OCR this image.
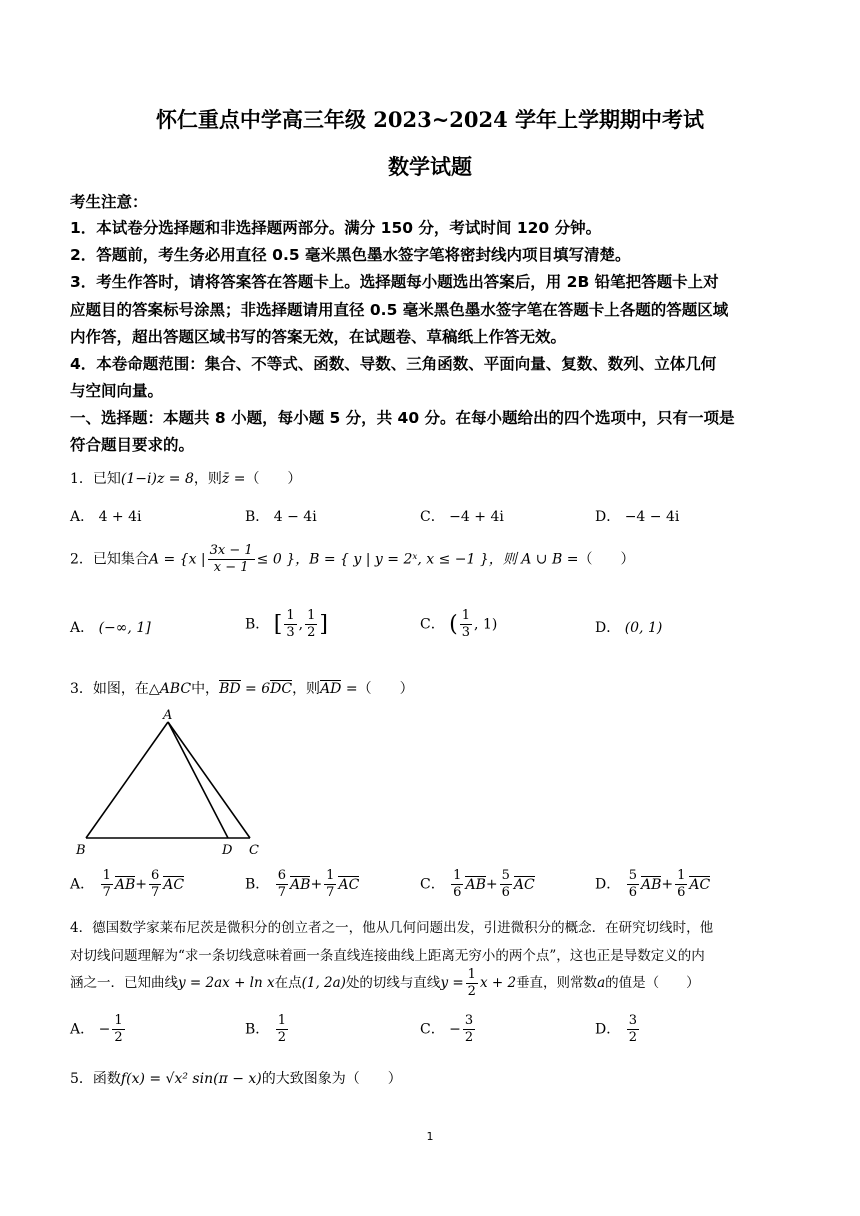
怀仁重点中学高三年级 2023~2024 学年上学期期中考试
数学试题
考生注意：
1．本试卷分选择题和非选择题两部分。满分 150 分，考试时间 120 分钟。
2．答题前，考生务必用直径 0.5 毫米黑色墨水签字笔将密封线内项目填写清楚。
3．考生作答时，请将答案答在答题卡上。选择题每小题选出答案后，用 2B 铅笔把答题卡上对
应题目的答案标号涂黑；非选择题请用直径 0.5 毫米黑色墨水签字笔在答题卡上各题的答题区域
内作答，超出答题区域书写的答案无效，在试题卷、草稿纸上作答无效。
4．本卷命题范围：集合、不等式、函数、导数、三角函数、平面向量、复数、数列、立体几何
与空间向量。
一、选择题：本题共 8 小题，每小题 5 分，共 40 分。在每小题给出的四个选项中，只有一项是
符合题目要求的。
1．已知(1−i)z = 8，则z̄ =（　　）
A． 4 + 4i	B． 4 − 4i	C． −4 + 4i	D． −4 − 4i
2．已知集合A = {x | $\frac{3x - 1}{x - 1} \le 0$ }，B = { y | y = 2ˣ, x ≤ −1 }，则 A ∪ B =（　　）
A． (−∞, 1]	B． [ $\frac{1}{3}$ , $\frac{1}{2}$ ]	C． ( $\frac{1}{3}$ , 1)	D． (0, 1)
3．如图，在△ABC中，BD = 6DC，则AD =（　　）
A
B	D C
A． $\frac{1}{7} AB+ \frac{6}{7}$ AC	B． $\frac{6}{7} AB+ \frac{1}{7}$ AC	C． $\frac{1}{6} AB+ \frac{5}{6}$ AC	D． $\frac{5}{6} AB+ \frac{1}{6}$ AC
4．德国数学家莱布尼茨是微积分的创立者之一，他从几何问题出发，引进微积分的概念．在研究切线时，他
对切线问题理解为“求一条切线意味着画一条直线连接曲线上距离无穷小的两个点”，这也正是导数定义的内
涵之一．已知曲线y = 2ax + ln x在点(1, 2a)处的切线与直线$y = \frac{1}{2}$ x + 2垂直，则常数a的值是（　　）
A． − $\frac{1}{2}$	B． $\frac{1}{2}$	C． − $\frac{3}{2}$	D． $\frac{3}{2}$
5．函数f(x) = √x² sin(π − x)的大致图象为（　　）
1
